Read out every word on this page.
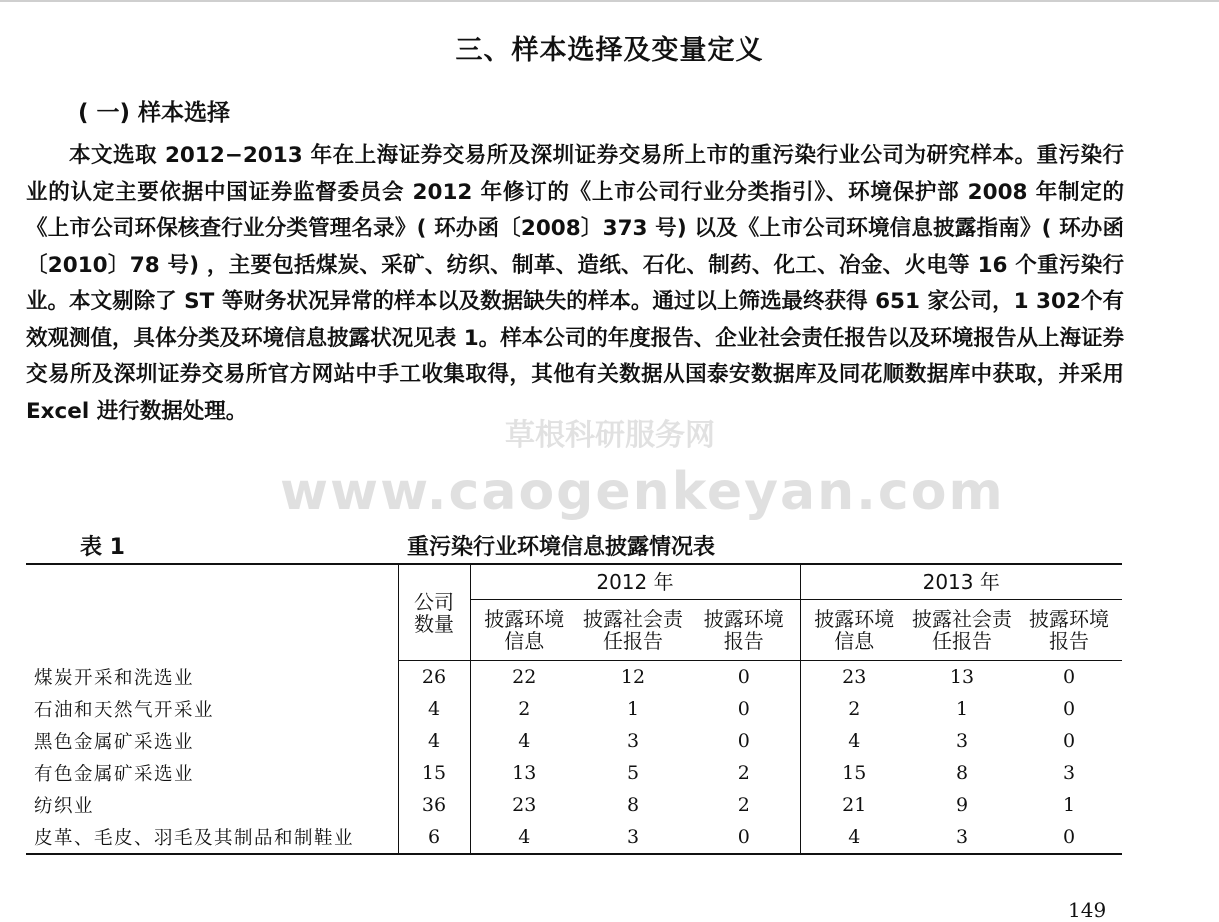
三、样本选择及变量定义
( 一) 样本选择

本文选取 2012−2013 年在上海证券交易所及深圳证券交易所上市的重污染行业公司为研究样本。重污染行业的认定主要依据中国证券监督委员会 2012 年修订的《上市公司行业分类指引》、环境保护部 2008 年制定的《上市公司环保核查行业分类管理名录》( 环办函〔2008〕373 号) 以及《上市公司环境信息披露指南》( 环办函〔2010〕78 号) ，主要包括煤炭、采矿、纺织、制革、造纸、石化、制药、化工、冶金、火电等 16 个重污染行业。本文剔除了 ST 等财务状况异常的样本以及数据缺失的样本。通过以上筛选最终获得 651 家公司，1 302个有效观测值，具体分类及环境信息披露状况见表 1。样本公司的年度报告、企业社会责任报告以及环境报告从上海证券交易所及深圳证券交易所官方网站中手工收集取得，其他有关数据从国泰安数据库及同花顺数据库中获取，并采用 Excel 进行数据处理。

草根科研服务网
www.caogenkeyan.com
表 1	重污染行业环境信息披露情况表

	公司数量	2012 年			2013 年		

		披露环境信息	披露社会责任报告	披露环境报告	披露环境信息	披露社会责任报告	披露环境报告

煤炭开采和洗选业	26	22	12	0	23	13	0
石油和天然气开采业	4	2	1	0	2	1	0
黑色金属矿采选业	4	4	3	0	4	3	0
有色金属矿采选业	15	13	5	2	15	8	3
纺织业	36	23	8	2	21	9	1
皮革、毛皮、羽毛及其制品和制鞋业	6	4	3	0	4	3	0
149
